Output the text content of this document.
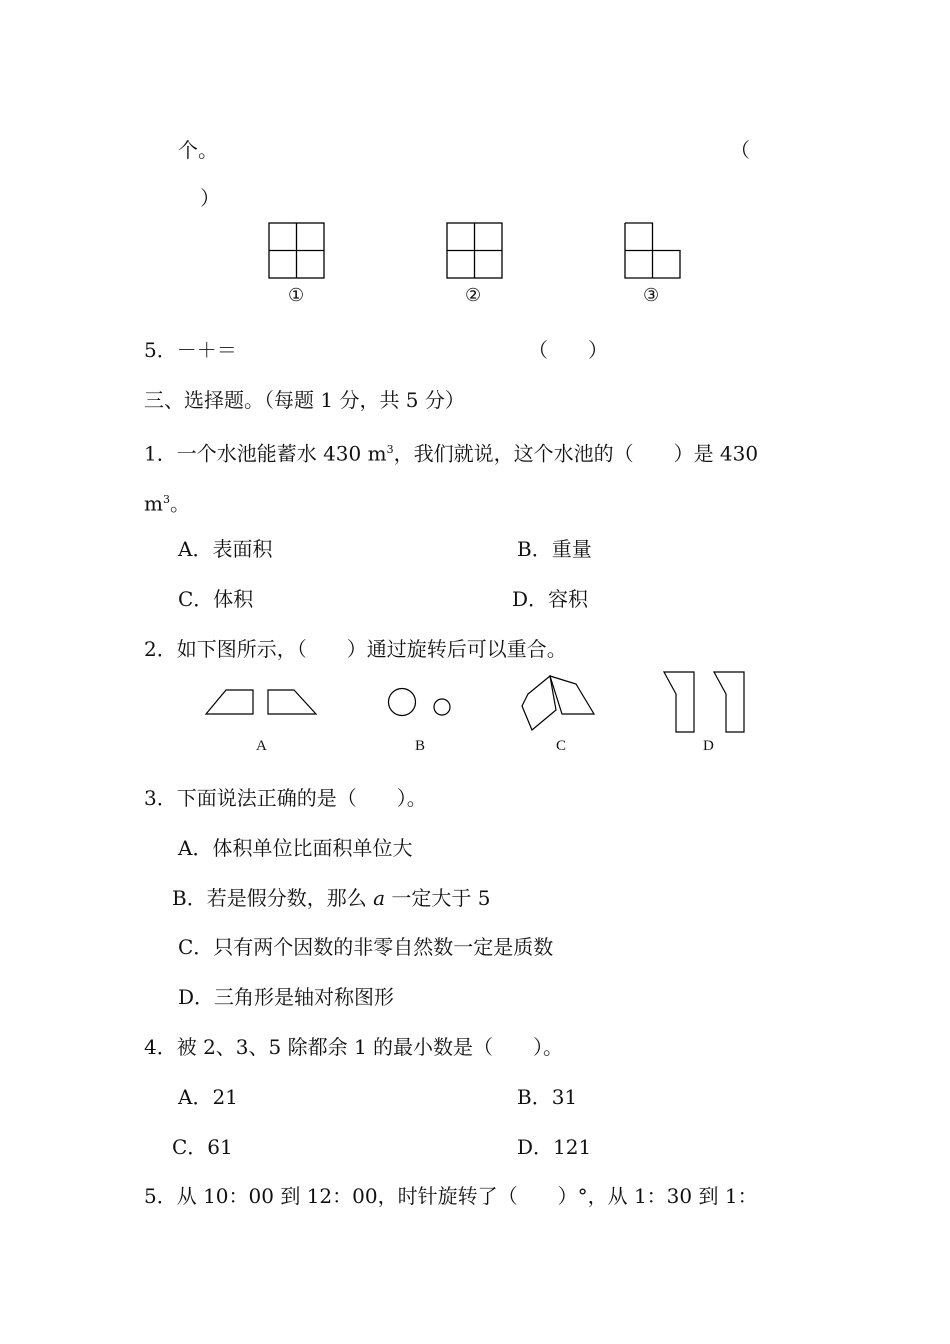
个。	（
）
①	②	③
5．－＋＝	（　　）
三、选择题。（每题 1 分，共 5 分）
1．一个水池能蓄水 430 $m^3$，我们就说，这个水池的（　　）是 430
$m^3$。
A．表面积	B．重量
C．体积	D．容积
2．如下图所示，（　　）通过旋转后可以重合。
A	B	C	D
3．下面说法正确的是（　　）。
A．体积单位比面积单位大
B．若是假分数，那么 a 一定大于 5
C．只有两个因数的非零自然数一定是质数
D．三角形是轴对称图形
4．被 2、3、5 除都余 1 的最小数是（　　）。
A．21	B．31
C．61	D．121
5．从 10：00 到 12：00，时针旋转了（　　）°，从 1：30 到 1：
